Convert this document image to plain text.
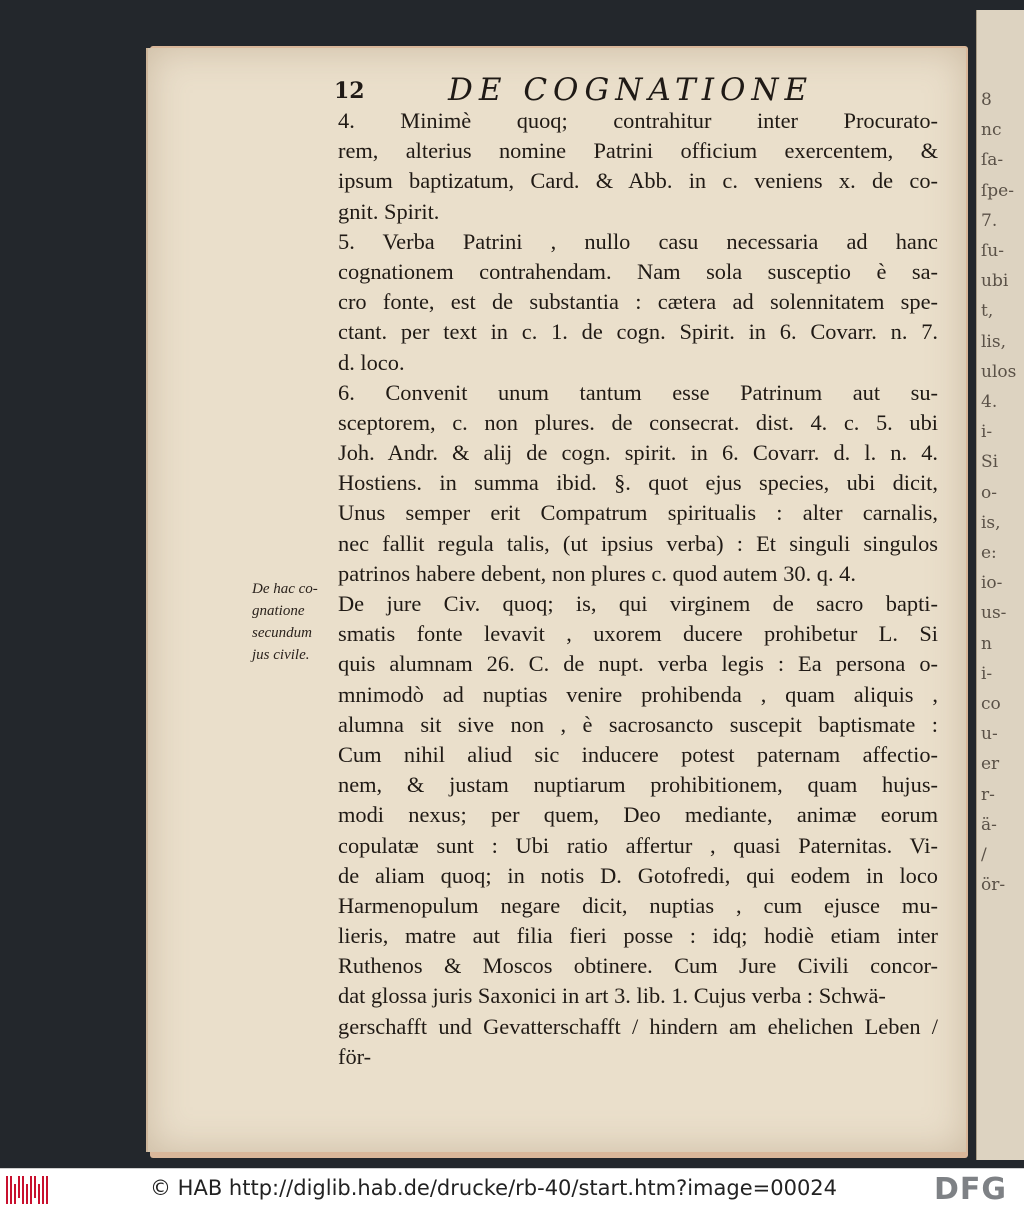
8
nc
ſa-
ſpe-
7.
ſu-
ubi
t,
lis,
ulos
4.
i-
Si
o-
is,
e:
io-
us-
n
i-
co
u-
er
r-
ä-
/
ör-
12	DE COGNATIONE
4. Minimè quoq; contrahitur inter Procurato-
rem, alterius nomine Patrini officium exercentem, &
ipsum baptizatum, Card. & Abb. in c. veniens x. de co-
gnit. Spirit.
5. Verba Patrini , nullo casu necessaria ad hanc
cognationem contrahendam. Nam sola susceptio è sa-
cro fonte, est de substantia : cætera ad solennitatem spe-
ctant. per text in c. 1. de cogn. Spirit. in 6. Covarr. n. 7.
d. loco.
6. Convenit unum tantum esse Patrinum aut su-
sceptorem, c. non plures. de consecrat. dist. 4. c. 5. ubi
Joh. Andr. & alij de cogn. spirit. in 6. Covarr. d. l. n. 4.
Hostiens. in summa ibid. §. quot ejus species, ubi dicit,
Unus semper erit Compatrum spiritualis : alter carnalis,
nec fallit regula talis, (ut ipsius verba) : Et singuli singulos
patrinos habere debent, non plures c. quod autem 30. q. 4.
De jure Civ. quoq; is, qui virginem de sacro bapti-
smatis fonte levavit , uxorem ducere prohibetur L. Si
quis alumnam 26. C. de nupt. verba legis : Ea persona o-
mnimodò ad nuptias venire prohibenda , quam aliquis ,
alumna sit sive non , è sacrosancto suscepit baptismate :
Cum nihil aliud sic inducere potest paternam affectio-
nem, & justam nuptiarum prohibitionem, quam hujus-
modi nexus; per quem, Deo mediante, animæ eorum
copulatæ sunt : Ubi ratio affertur , quasi Paternitas. Vi-
de aliam quoq; in notis D. Gotofredi, qui eodem in loco
Harmenopulum negare dicit, nuptias , cum ejusce mu-
lieris, matre aut filia fieri posse : idq; hodiè etiam inter
Ruthenos & Moscos obtinere. Cum Jure Civili concor-
dat glossa juris Saxonici in art 3. lib. 1. Cujus verba : Schwä-
gerschafft und Gevatterschafft / hindern am ehelichen Leben /
för-
De hac co-
gnatione
secundum
jus civile.
© HAB http://diglib.hab.de/drucke/rb-40/start.htm?image=00024	DFG
